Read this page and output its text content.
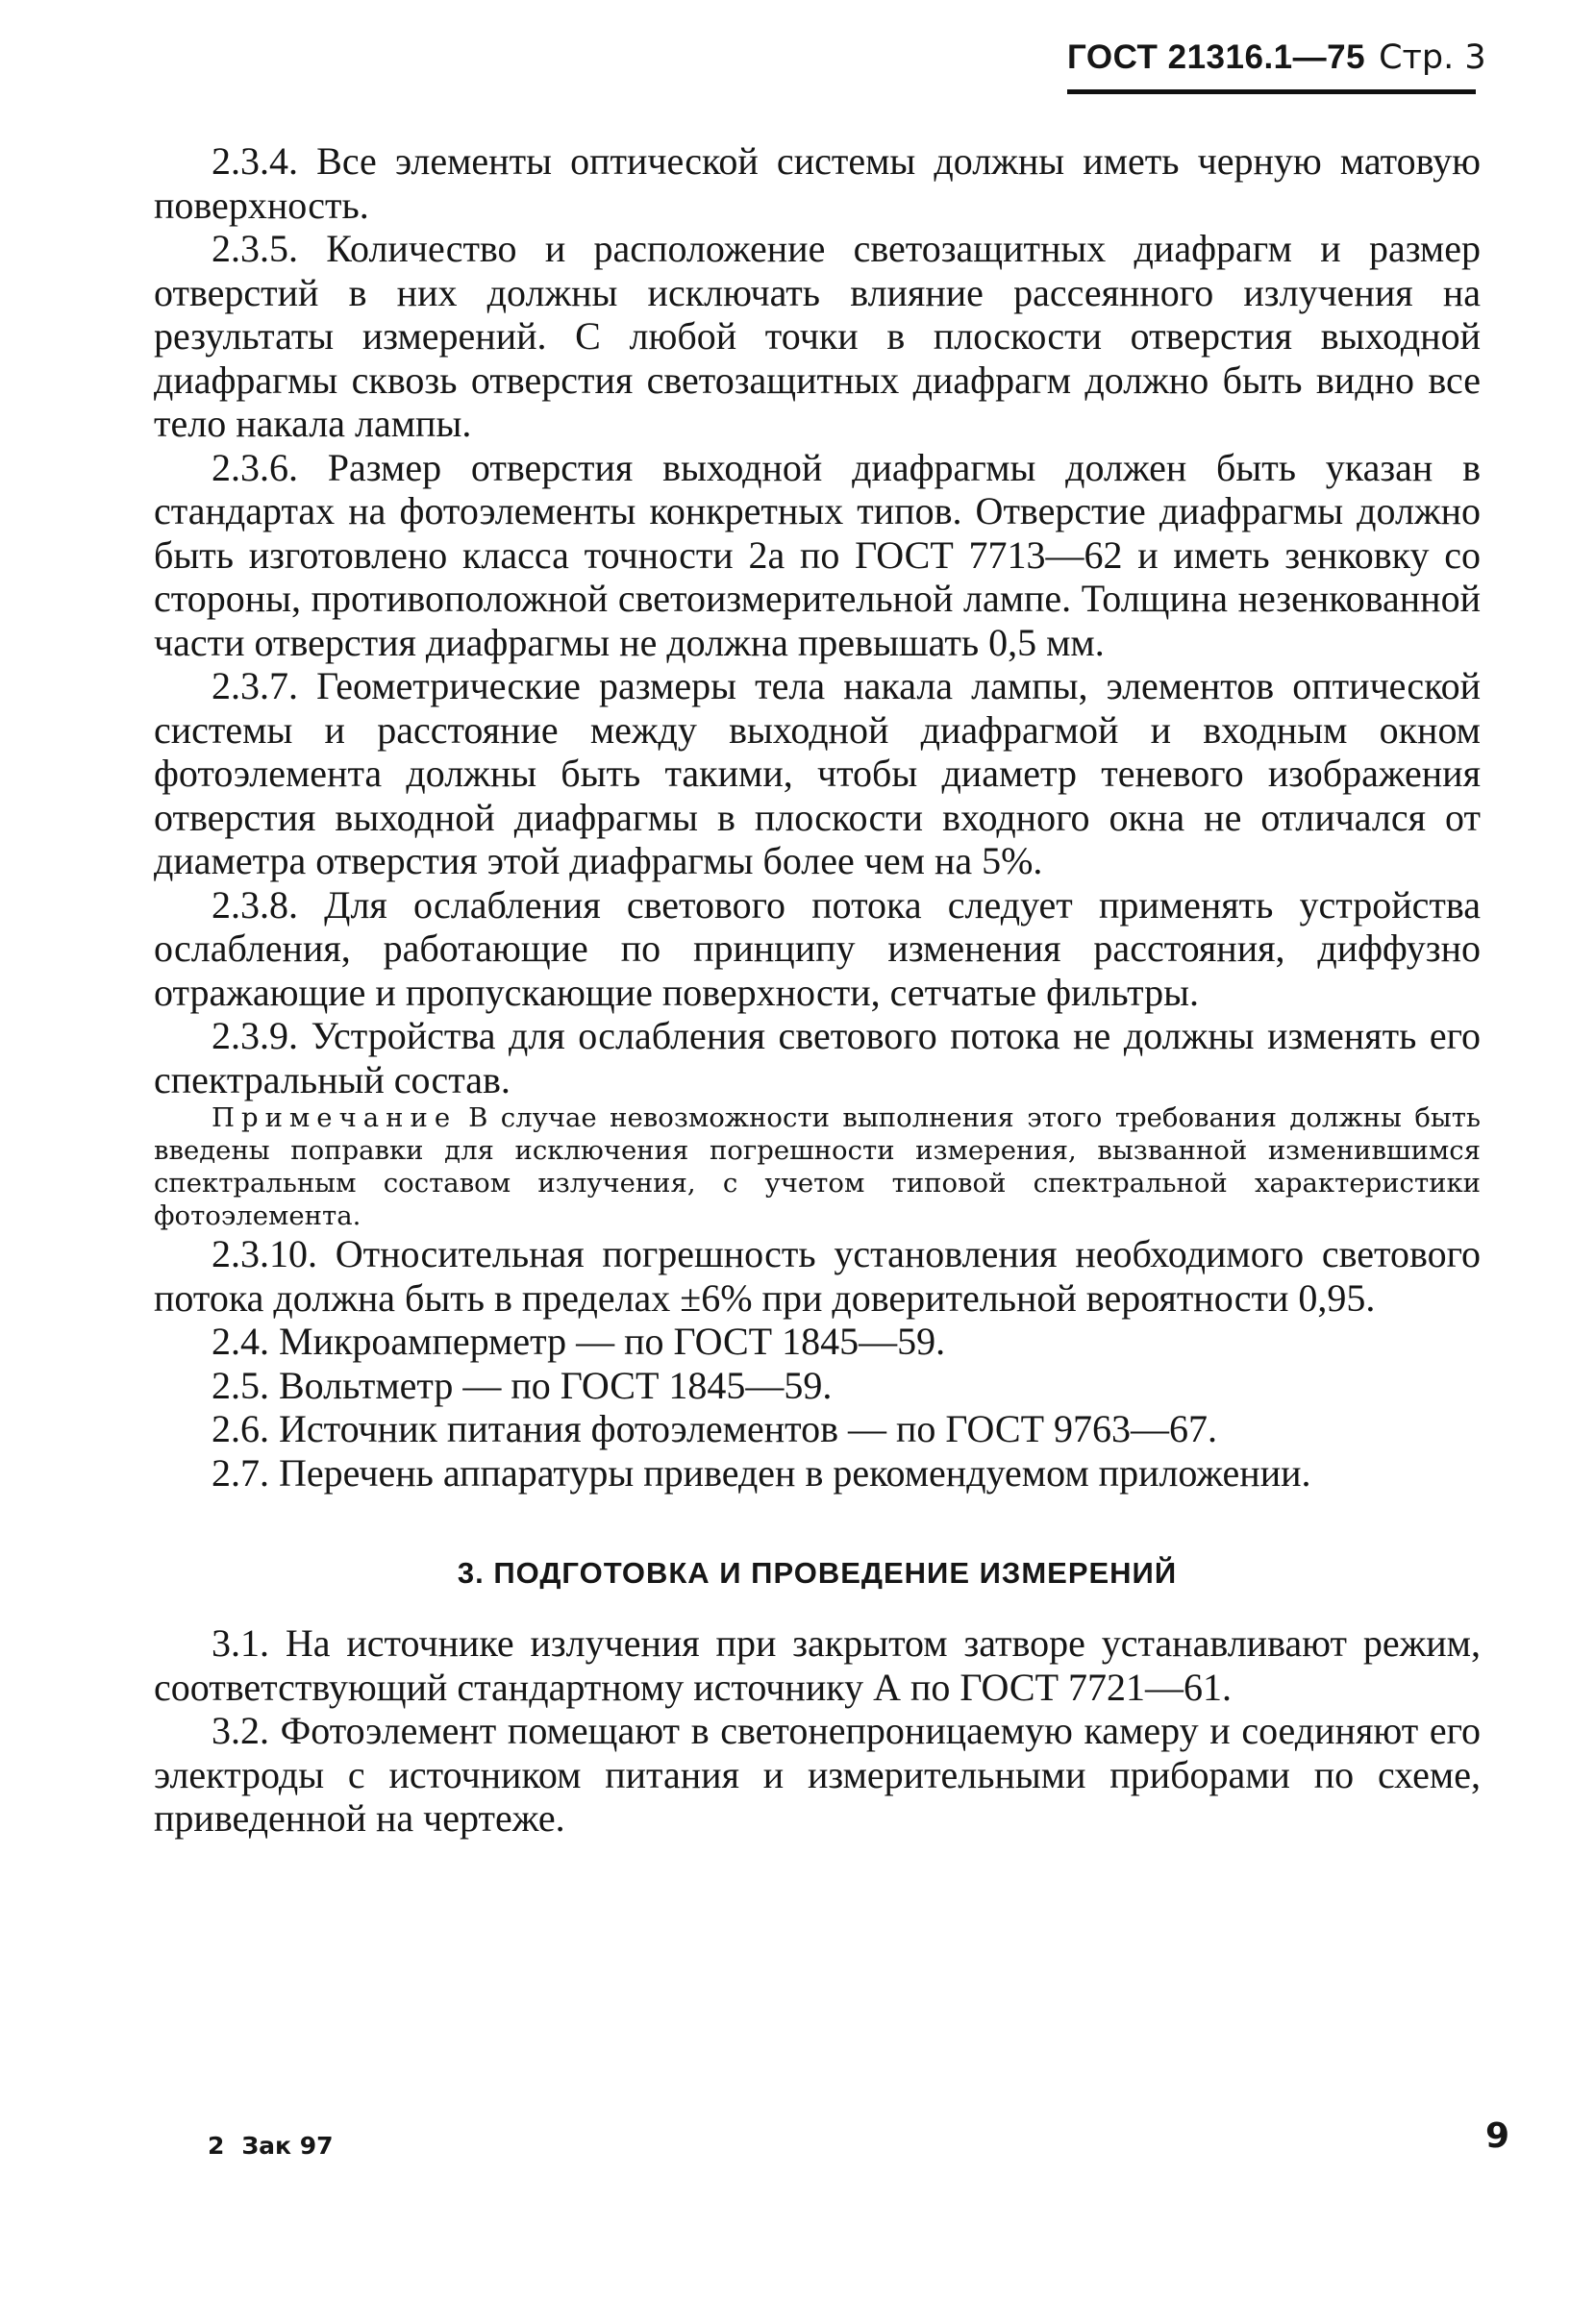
ГОСТ 21316.1—75 Стр. 3

2.3.4. Все элементы оптической системы должны иметь черную матовую поверхность.

2.3.5. Количество и расположение светозащитных диафрагм и размер отверстий в них должны исключать влияние рассеянного излучения на результаты измерений. С любой точки в плоскости отверстия выходной диафрагмы сквозь отверстия светозащитных диафрагм должно быть видно все тело накала лампы.

2.3.6. Размер отверстия выходной диафрагмы должен быть указан в стандартах на фотоэлементы конкретных типов. Отверстие диафрагмы должно быть изготовлено класса точности 2а по ГОСТ 7713—62 и иметь зенковку со стороны, противоположной светоизмерительной лампе. Толщина незенкованной части отверстия диафрагмы не должна превышать 0,5 мм.

2.3.7. Геометрические размеры тела накала лампы, элементов оптической системы и расстояние между выходной диафрагмой и входным окном фотоэлемента должны быть такими, чтобы диаметр теневого изображения отверстия выходной диафрагмы в плоскости входного окна не отличался от диаметра отверстия этой диафрагмы более чем на 5%.

2.3.8. Для ослабления светового потока следует применять устройства ослабления, работающие по принципу изменения расстояния, диффузно отражающие и пропускающие поверхности, сетчатые фильтры.

2.3.9. Устройства для ослабления светового потока не должны изменять его спектральный состав.

Примечание В случае невозможности выполнения этого требования должны быть введены поправки для исключения погрешности измерения, вызванной изменившимся спектральным составом излучения, с учетом типовой спектральной характеристики фотоэлемента.

2.3.10. Относительная погрешность установления необходимого светового потока должна быть в пределах ±6% при доверительной вероятности 0,95.

2.4. Микроамперметр — по ГОСТ 1845—59.

2.5. Вольтметр — по ГОСТ 1845—59.

2.6. Источник питания фотоэлементов — по ГОСТ 9763—67.

2.7. Перечень аппаратуры приведен в рекомендуемом приложении.

3. ПОДГОТОВКА И ПРОВЕДЕНИЕ ИЗМЕРЕНИЙ

3.1. На источнике излучения при закрытом затворе устанавливают режим, соответствующий стандартному источнику А по ГОСТ 7721—61.

3.2. Фотоэлемент помещают в светонепроницаемую камеру и соединяют его электроды с источником питания и измерительными приборами по схеме, приведенной на чертеже.

2 Зак 97	9
